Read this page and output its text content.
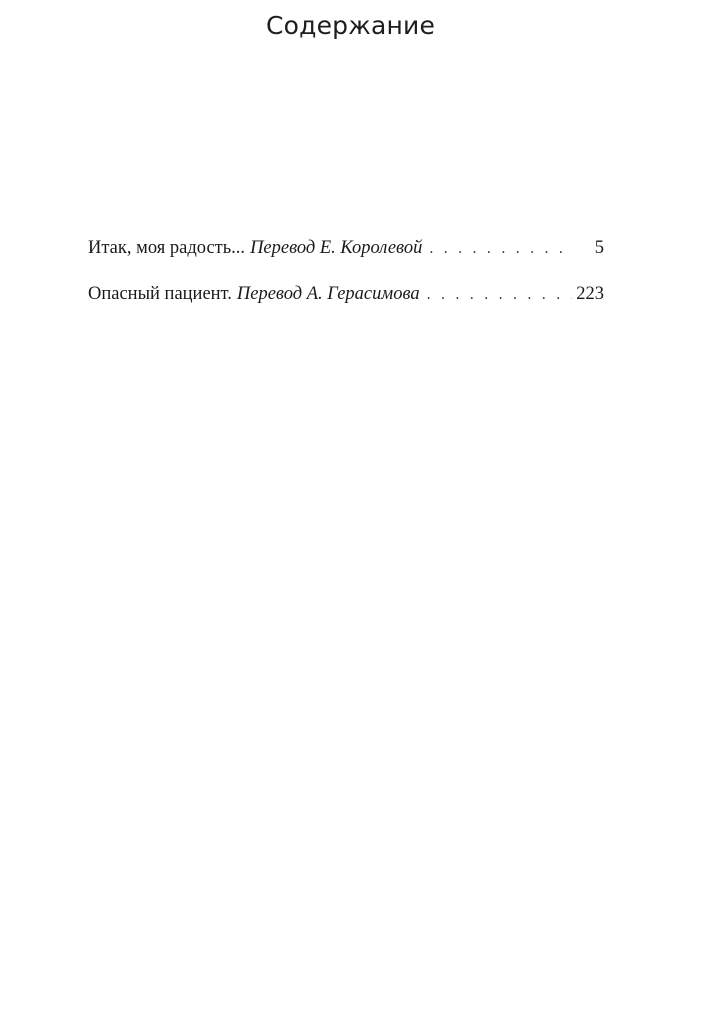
Содержание
Итак, моя радость... Перевод Е. Королевой . . .	5
Опасный пациент. Перевод А. Герасимова . . .	223
